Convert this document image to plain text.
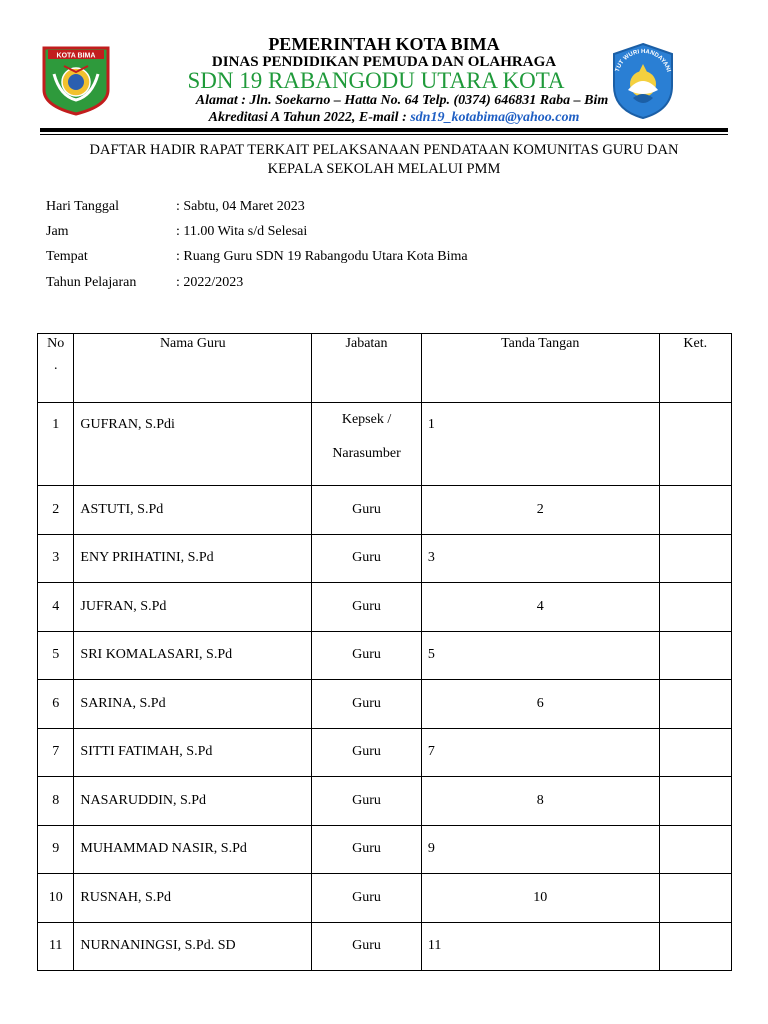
KOTA BIMA
TUT WURI HANDAYANI
PEMERINTAH KOTA BIMA
DINAS PENDIDIKAN PEMUDA DAN OLAHRAGA
SDN 19 RABANGODU UTARA KOTA
Alamat : Jln. Soekarno – Hatta No. 64 Telp. (0374) 646831 Raba – Bim
Akreditasi A Tahun 2022, E-mail : sdn19_kotabima@yahoo.com
DAFTAR HADIR RAPAT TERKAIT PELAKSANAAN PENDATAAN KOMUNITAS GURU DAN
KEPALA SEKOLAH MELALUI PMM
Hari Tanggal	: Sabtu, 04 Maret 2023
Jam	: 11.00 Wita s/d Selesai
Tempat	: Ruang Guru SDN 19 Rabangodu Utara Kota Bima
Tahun Pelajaran	: 2022/2023
No
.	Nama Guru	Jabatan	Tanda Tangan	Ket.
1	GUFRAN, S.Pdi	Kepsek /
Narasumber	1	
2	ASTUTI, S.Pd	Guru	2	
3	ENY PRIHATINI, S.Pd	Guru	3	
4	JUFRAN, S.Pd	Guru	4	
5	SRI KOMALASARI, S.Pd	Guru	5	
6	SARINA, S.Pd	Guru	6	
7	SITTI FATIMAH, S.Pd	Guru	7	
8	NASARUDDIN, S.Pd	Guru	8	
9	MUHAMMAD NASIR, S.Pd	Guru	9	
10	RUSNAH, S.Pd	Guru	10	
11	NURNANINGSI, S.Pd. SD	Guru	11	
